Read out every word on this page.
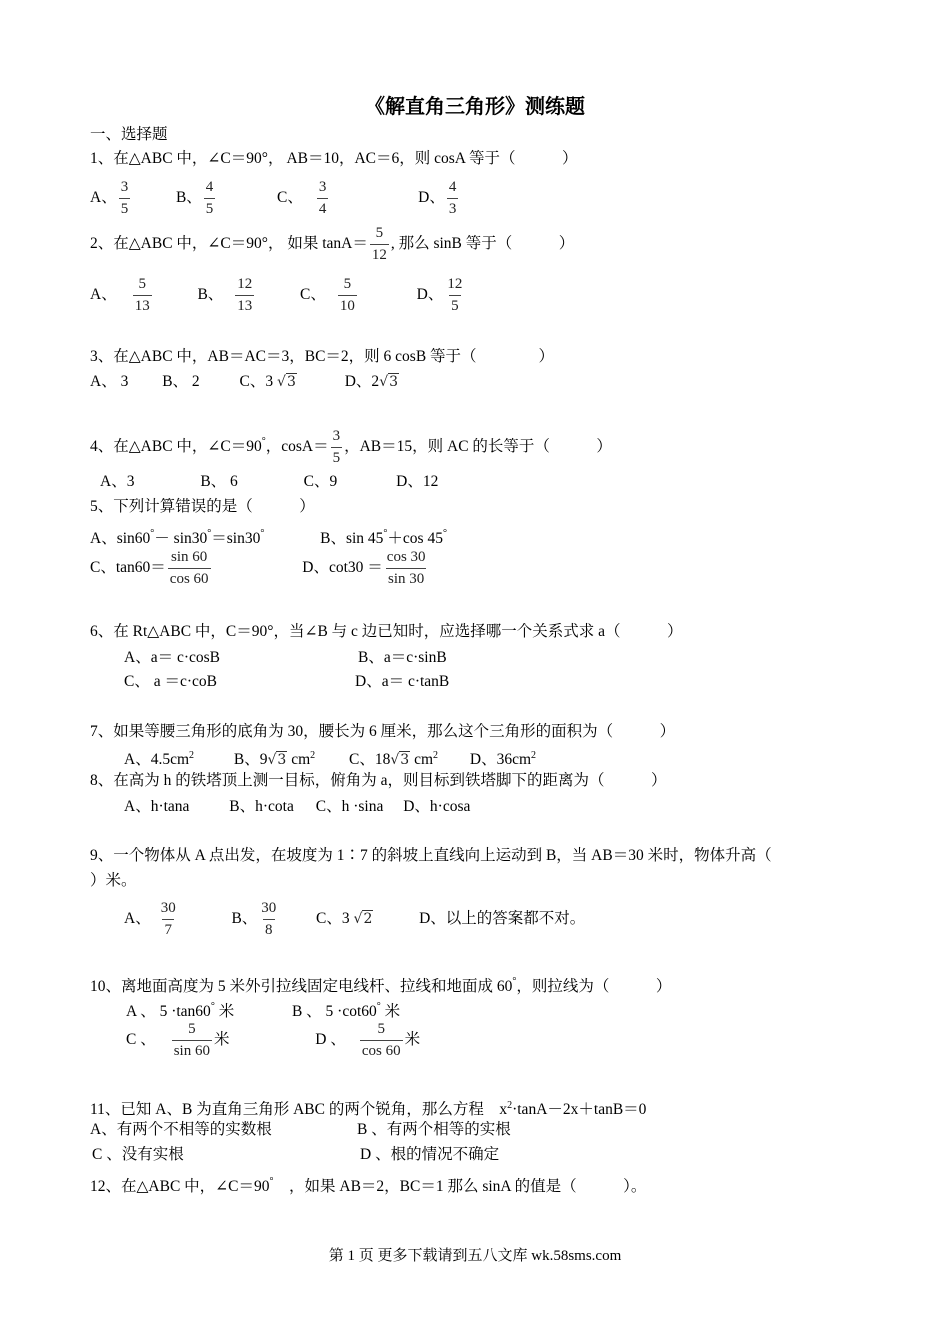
《解直角三角形》测练题
一、选择题
1、在△ABC 中，∠C＝90°， AB＝10，AC＝6，则 cosA 等于（　　　）
A、 $\frac{3}{5}$	B、 $\frac{4}{5}$	C、 $\frac{3}{4}$	D、 $\frac{4}{3}$
2、在△ABC 中，∠C＝90°， 如果 $\tan A= \frac{5}{12}$ , 那么 sinB 等于（　　　）
A、 $\frac{5}{13}$	B、 $\frac{12}{13}$	C、 $\frac{5}{10}$	D、 $\frac{12}{5}$
3、在△ABC 中，AB＝AC＝3，BC＝2，则 6 cosB 等于（　　　　）
A、 3 B、 2	C、3 √3	D、2√3
4、在△ABC 中，∠C＝90°，$\cos A= \frac{3}{5}$ ，AB＝15，则 AC 的长等于（　　　）
A、3	B、 6	C、9	D、12
5、下列计算错误的是（　　　）
A、sin60°－ sin30°＝sin30°	B、sin 45°＋cos 45°
C、$\tan 60= \frac{\sin 60}{\cos 60}$	D、$\cot 30 = \frac{\cos 30}{\sin 30}$
6、在 Rt△ABC 中，C＝90°，当∠B 与 c 边已知时，应选择哪一个关系式求 a（　　　）
A、a＝ c·cosB	B、a＝c·sinB
C、 a ＝c·coB	D、a＝ c·tanB
7、如果等腰三角形的底角为 30，腰长为 6 厘米，那么这个三角形的面积为（　　　）
A、$4.5cm^2$	B、9√3 $cm^2$ C、18√3 $cm^2$ D、$36cm^2$
8、在高为 h 的铁塔顶上测一目标，俯角为 a，则目标到铁塔脚下的距离为（　　　）
A、h·tana	B、h·cota C、h ·sina D、h·cosa
9、一个物体从 A 点出发，在坡度为 1∶7 的斜坡上直线向上运动到 B，当 AB＝30 米时，物体升高（
）米。
A、 $\frac{30}{7}$	B、 $\frac{30}{8}$ C、3 √2	D、以上的答案都不对。
10、离地面高度为 5 米外引拉线固定电线杆、拉线和地面成 60°，则拉线为（　　　）
A 、 5 ·tan60° 米	B 、 5 ·cot60° 米
C 、 $\frac{5}{\sin 60}$ 米	D 、 $\frac{5}{\cos 60}$ 米
11、已知 A、B 为直角三角形 ABC 的两个锐角，那么方程　$x^2\cdot\tan A-2x+\tan B=0$
A、有两个不相等的实数根	B 、有两个相等的实根
C 、没有实根	D 、根的情况不确定
12、在△ABC 中，∠C＝90°　，如果 AB＝2，BC＝1 那么 sinA 的值是（　　　）。
第 1 页 更多下载请到五八文库 wk.58sms.com
